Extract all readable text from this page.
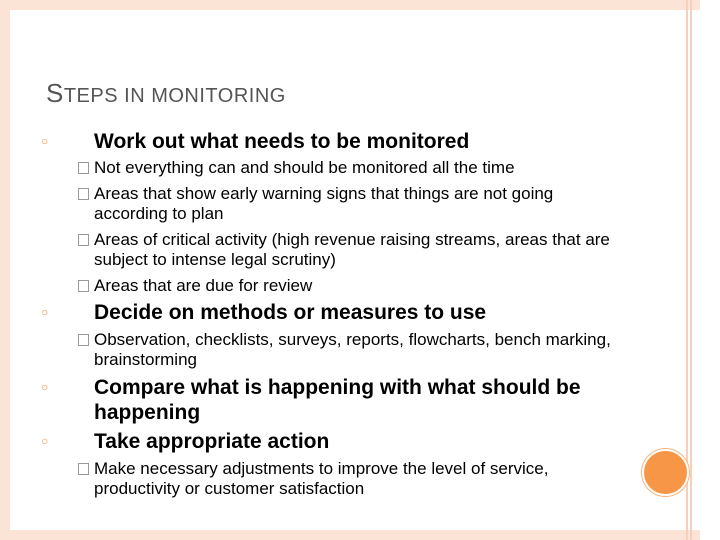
STEPS IN MONITORING
○ Work out what needs to be monitored
Not everything can and should be monitored all the time
Areas that show early warning signs that things are not going according to plan
Areas of critical activity (high revenue raising streams, areas that are subject to intense legal scrutiny)
Areas that are due for review
○ Decide on methods or measures to use
Observation, checklists, surveys, reports, flowcharts, bench marking, brainstorming
○ Compare what is happening with what should be happening
○ Take appropriate action
Make necessary adjustments to improve the level of service, productivity or customer satisfaction
